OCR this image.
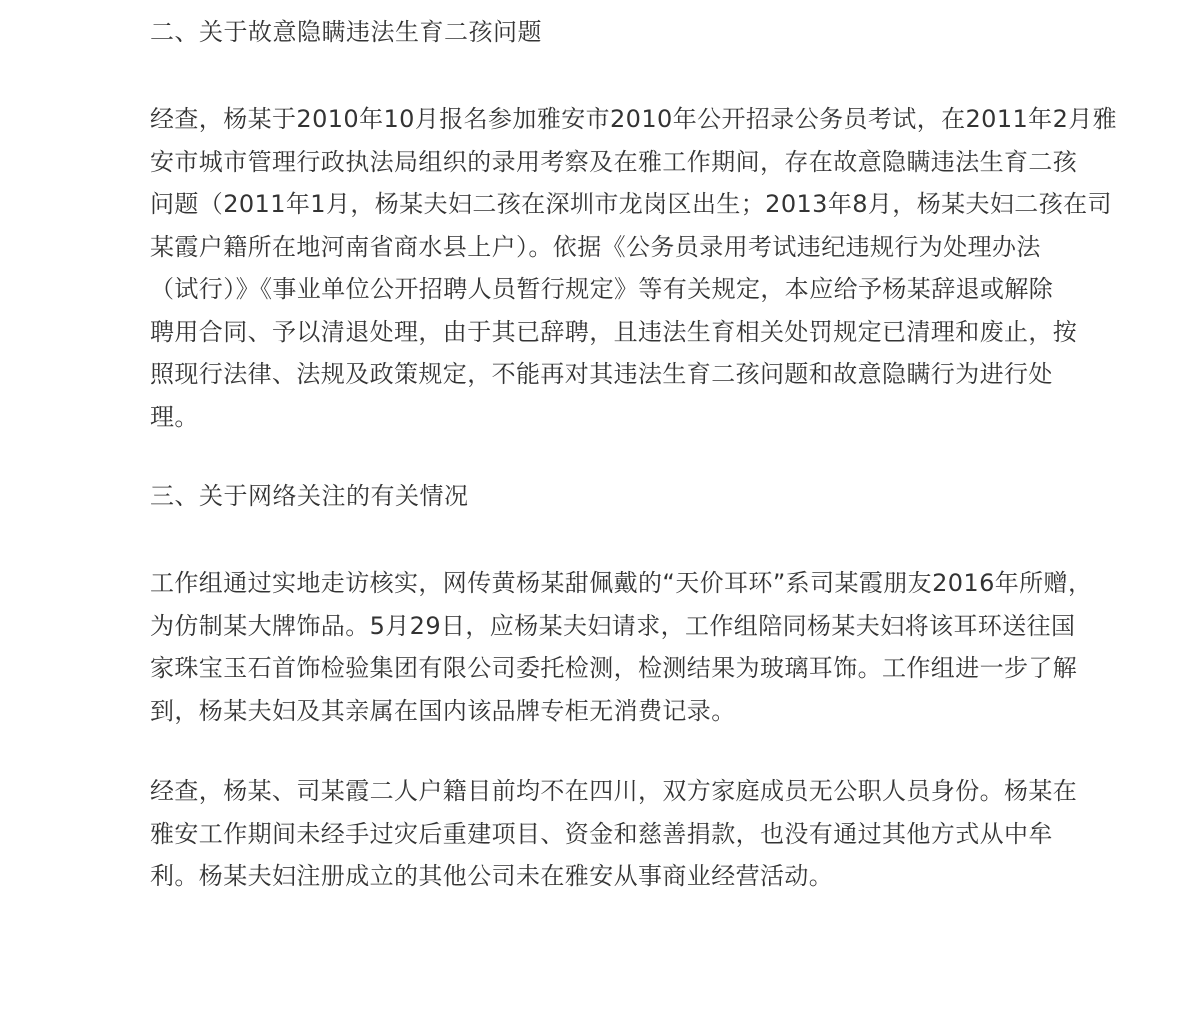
二、关于故意隐瞒违法生育二孩问题
经查，杨某于2010年10月报名参加雅安市2010年公开招录公务员考试，在2011年2月雅
安市城市管理行政执法局组织的录用考察及在雅工作期间，存在故意隐瞒违法生育二孩
问题（2011年1月，杨某夫妇二孩在深圳市龙岗区出生；2013年8月，杨某夫妇二孩在司
某霞户籍所在地河南省商水县上户）。依据《公务员录用考试违纪违规行为处理办法
（试行）》《事业单位公开招聘人员暂行规定》等有关规定，本应给予杨某辞退或解除
聘用合同、予以清退处理，由于其已辞聘，且违法生育相关处罚规定已清理和废止，按
照现行法律、法规及政策规定，不能再对其违法生育二孩问题和故意隐瞒行为进行处
理。
三、关于网络关注的有关情况
工作组通过实地走访核实，网传黄杨某甜佩戴的“天价耳环”系司某霞朋友2016年所赠，
为仿制某大牌饰品。5月29日，应杨某夫妇请求，工作组陪同杨某夫妇将该耳环送往国
家珠宝玉石首饰检验集团有限公司委托检测，检测结果为玻璃耳饰。工作组进一步了解
到，杨某夫妇及其亲属在国内该品牌专柜无消费记录。
经查，杨某、司某霞二人户籍目前均不在四川，双方家庭成员无公职人员身份。杨某在
雅安工作期间未经手过灾后重建项目、资金和慈善捐款，也没有通过其他方式从中牟
利。杨某夫妇注册成立的其他公司未在雅安从事商业经营活动。
